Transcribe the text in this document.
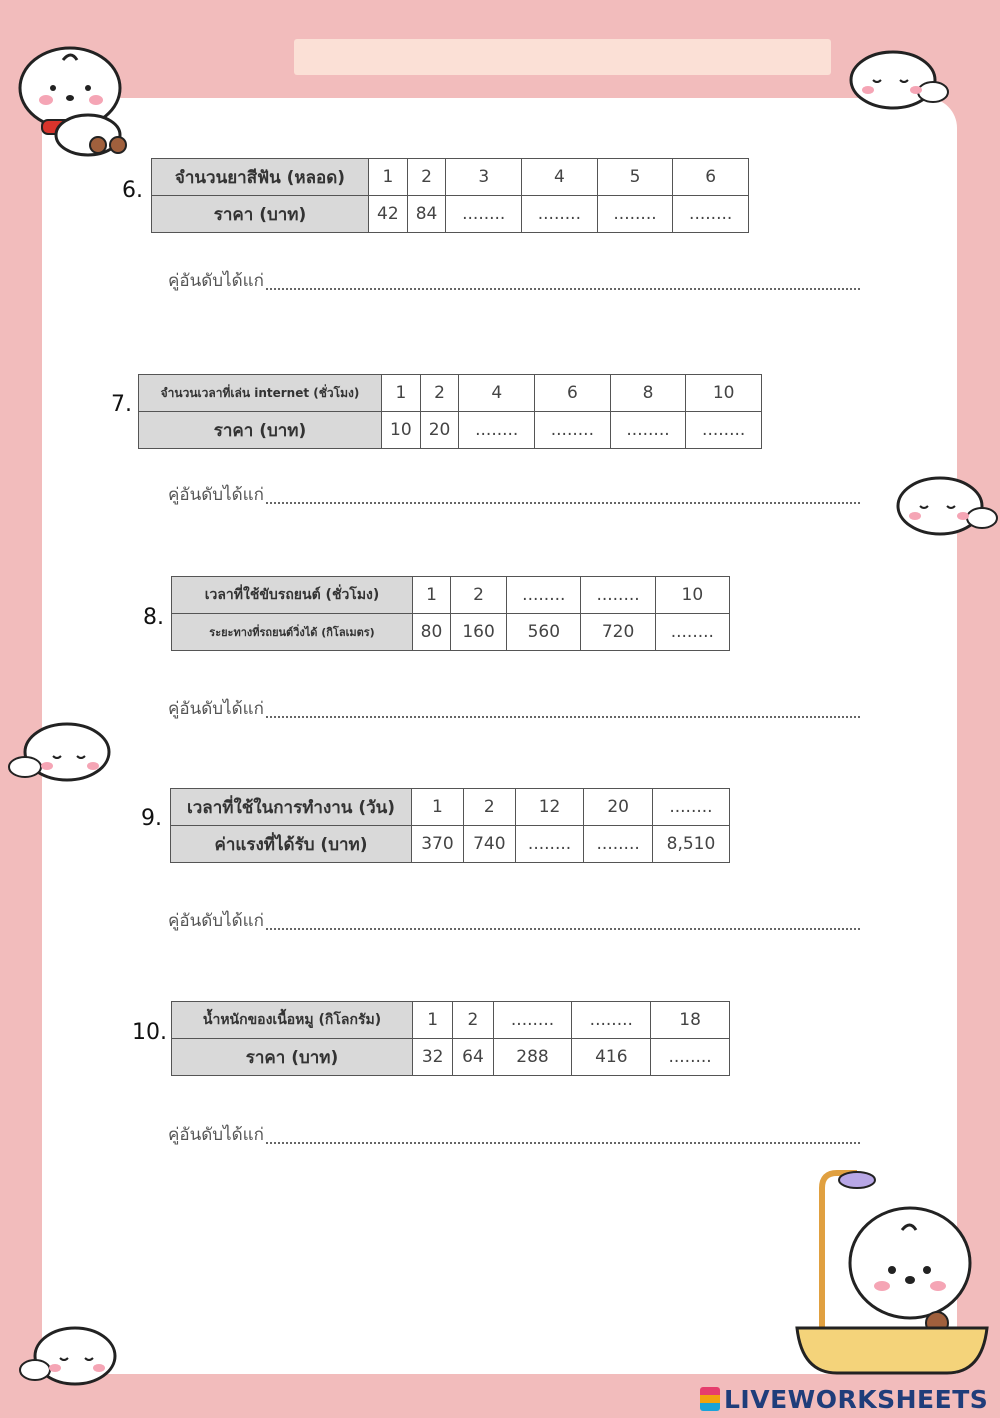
6.
จำนวนยาสีฟัน (หลอด)	1	2	3	4	5	6
ราคา (บาท)	42	84	........	........	........	........
คู่อันดับได้แก่
7. จำนวนเวลาที่เล่น internet (ชั่วโมง)	1	2	4	6	8	10
ราคา (บาท)	10	20	........	........	........	........
คู่อันดับได้แก่
8.
เวลาที่ใช้ขับรถยนต์ (ชั่วโมง)	1	2	........	........	10
ระยะทางที่รถยนต์วิ่งได้ (กิโลเมตร)	80	160	560	720	........
คู่อันดับได้แก่
9. เวลาที่ใช้ในการทำงาน (วัน)	1	2	12	20	........
ค่าแรงที่ได้รับ (บาท)	370	740	........	........	8,510
คู่อันดับได้แก่
10.	น้ำหนักของเนื้อหมู (กิโลกรัม)	1	2	........	........	18
ราคา (บาท)	32	64	288	416	........
คู่อันดับได้แก่
LIVEWORKSHEETS
